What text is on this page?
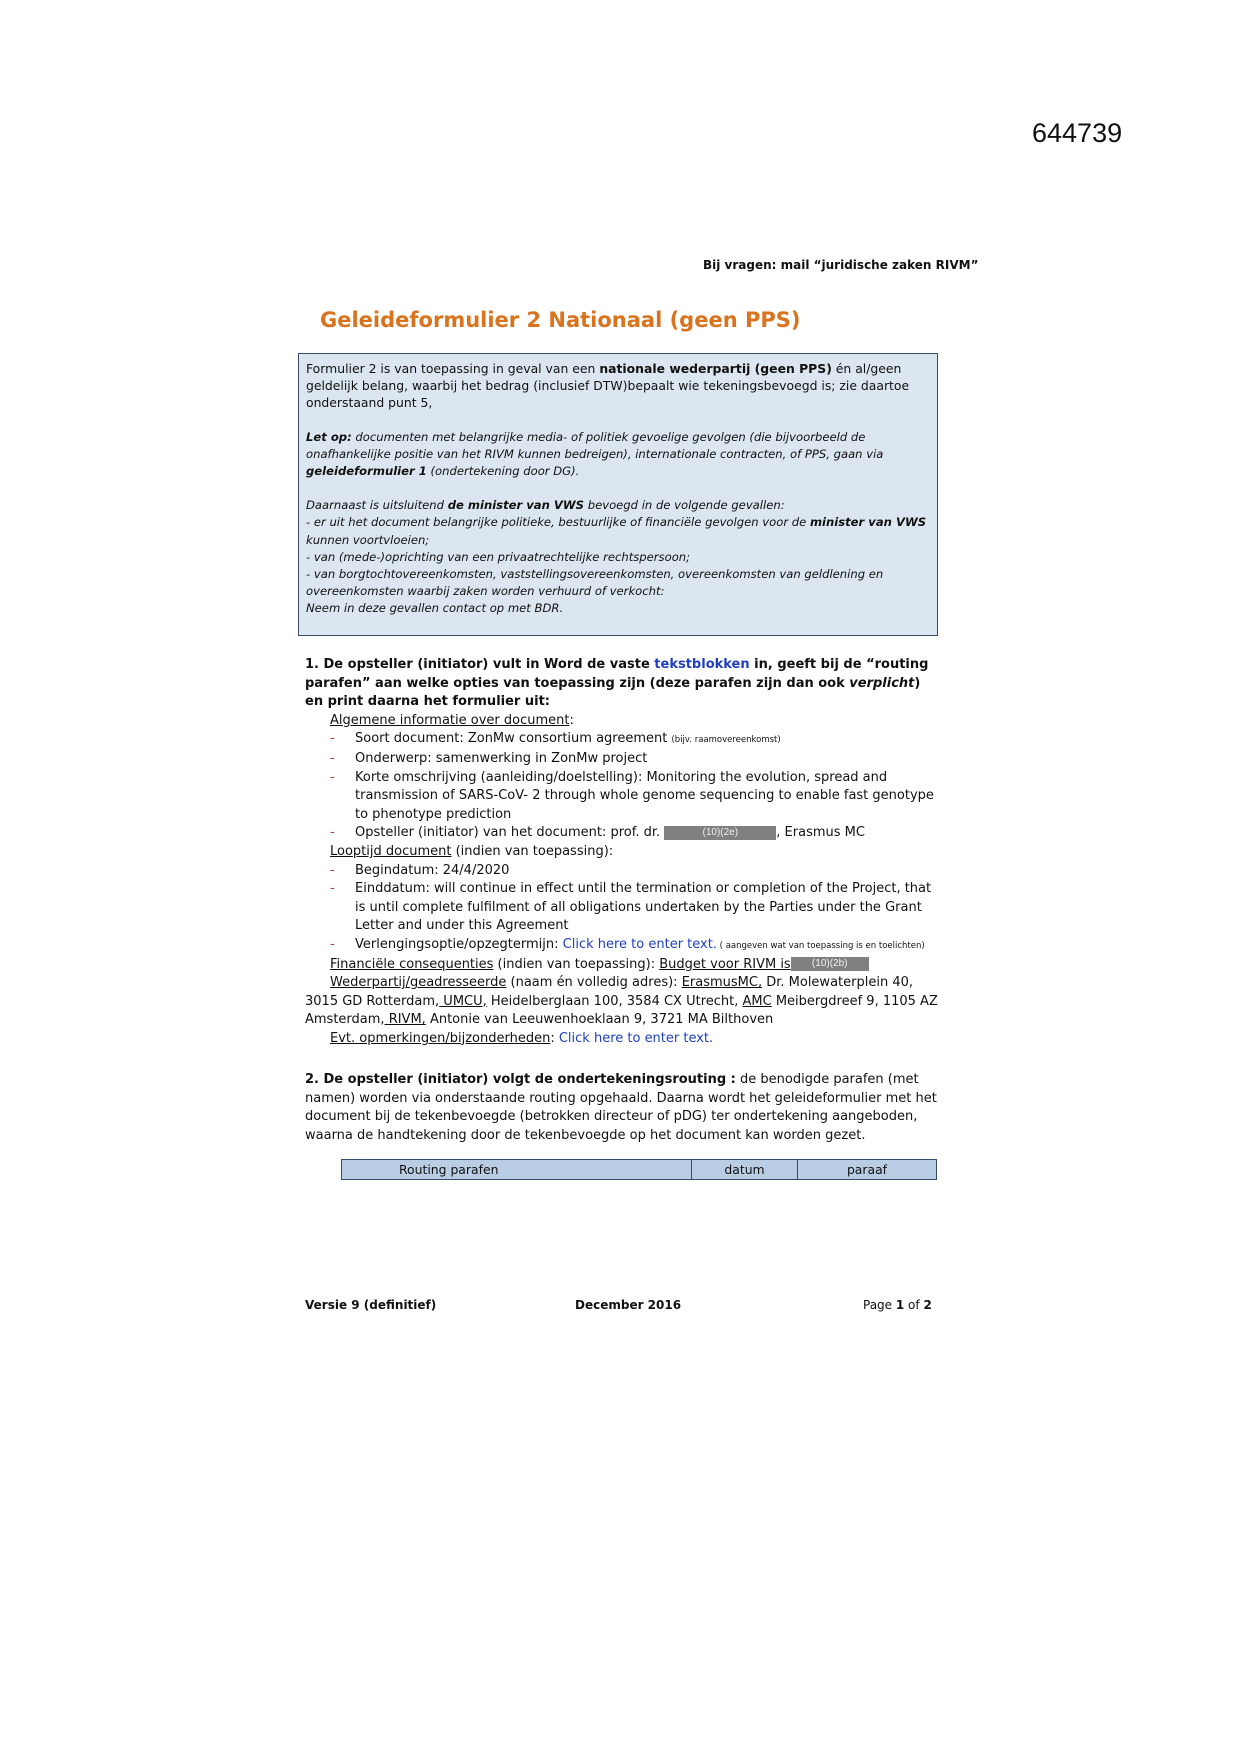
644739
Bij vragen: mail “juridische zaken RIVM”
Geleideformulier 2 Nationaal (geen PPS)

Formulier 2 is van toepassing in geval van een nationale wederpartij (geen PPS) én al/geen geldelijk belang, waarbij het bedrag (inclusief DTW)bepaalt wie tekeningsbevoegd is; zie daartoe onderstaand punt 5,

Let op: documenten met belangrijke media- of politiek gevoelige gevolgen (die bijvoorbeeld de onafhankelijke positie van het RIVM kunnen bedreigen), internationale contracten, of PPS, gaan via geleideformulier 1 (ondertekening door DG).

Daarnaast is uitsluitend de minister van VWS bevoegd in de volgende gevallen:

- er uit het document belangrijke politieke, bestuurlijke of financiële gevolgen voor de minister van VWS kunnen voortvloeien;

- van (mede-)oprichting van een privaatrechtelijke rechtspersoon;

- van borgtochtovereenkomsten, vaststellingsovereenkomsten, overeenkomsten van geldlening en overeenkomsten waarbij zaken worden verhuurd of verkocht:

Neem in deze gevallen contact op met BDR.

1. De opsteller (initiator) vult in Word de vaste tekstblokken in, geeft bij de “routing parafen” aan welke opties van toepassing zijn (deze parafen zijn dan ook verplicht) en print daarna het formulier uit:

Algemene informatie over document:

- Soort document: ZonMw consortium agreement (bijv. raamovereenkomst)

- Onderwerp: samenwerking in ZonMw project

- Korte omschrijving (aanleiding/doelstelling): Monitoring the evolution, spread and transmission of SARS-CoV- 2 through whole genome sequencing to enable fast genotype to phenotype prediction

- Opsteller (initiator) van het document: prof. dr.	(10)(2e)	, Erasmus MC

Looptijd document (indien van toepassing):

- Begindatum: 24/4/2020

- Einddatum: will continue in effect until the termination or completion of the Project, that is until complete fulfilment of all obligations undertaken by the Parties under the Grant Letter and under this Agreement

- Verlengingsoptie/opzegtermijn: Click here to enter text. ( aangeven wat van toepassing is en toelichten)

Financiële consequenties (indien van toepassing): Budget voor RIVM is (10)(2b)

Wederpartij/geadresseerde (naam én volledig adres): ErasmusMC, Dr. Molewaterplein 40, 3015 GD Rotterdam, UMCU, Heidelberglaan 100, 3584 CX Utrecht, AMC Meibergdreef 9, 1105 AZ Amsterdam, RIVM, Antonie van Leeuwenhoeklaan 9, 3721 MA Bilthoven

Evt. opmerkingen/bijzonderheden: Click here to enter text.

2. De opsteller (initiator) volgt de ondertekeningsrouting : de benodigde parafen (met namen) worden via onderstaande routing opgehaald. Daarna wordt het geleideformulier met het document bij de tekenbevoegde (betrokken directeur of pDG) ter ondertekening aangeboden, waarna de handtekening door de tekenbevoegde op het document kan worden gezet.

Routing parafen	datum	paraaf
Versie 9 (definitief)	December 2016	Page 1 of 2
